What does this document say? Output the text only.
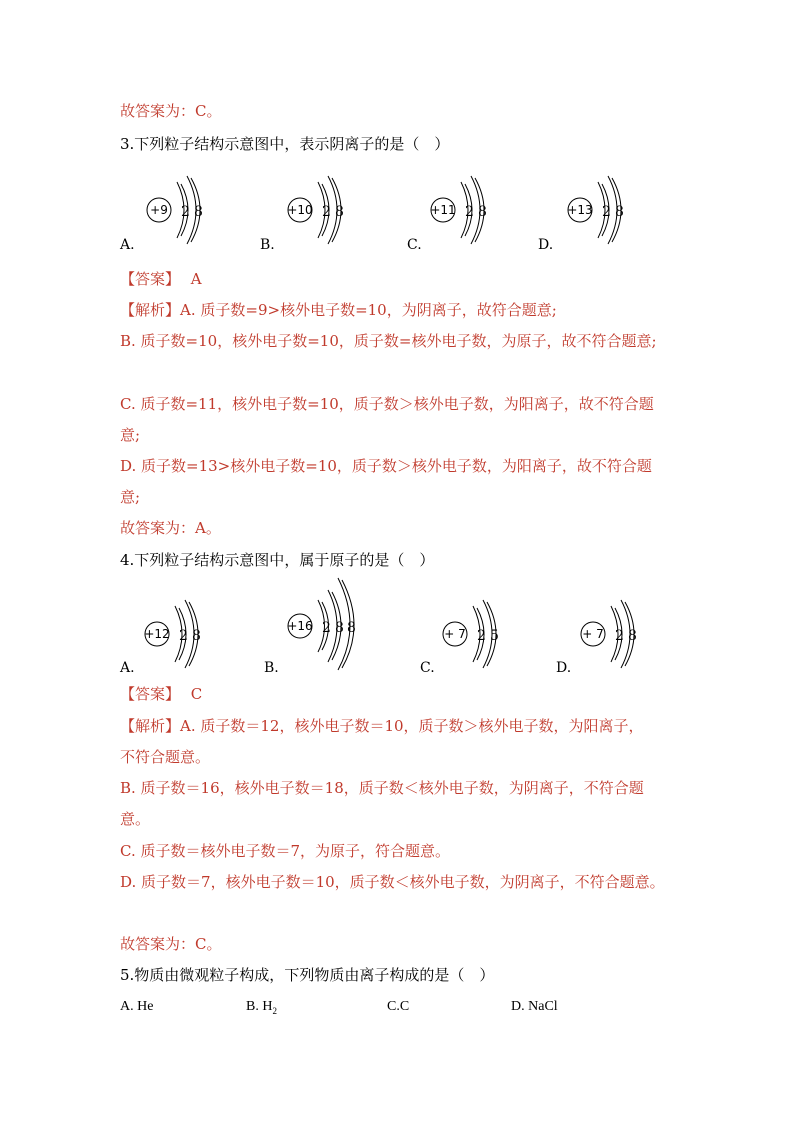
故答案为：C。
3.下列粒子结构示意图中，表示阴离子的是（　）
+9 2 8
A.
+10 2 8
B.
+11 2 8
C.
+13 2 8
D.
【答案】 A
【解析】A. 质子数=9>核外电子数=10，为阴离子，故符合题意;
B. 质子数=10，核外电子数=10，质子数=核外电子数，为原子，故不符合题意;
C. 质子数=11，核外电子数=10，质子数＞核外电子数，为阳离子，故不符合题
意;
D. 质子数=13>核外电子数=10，质子数＞核外电子数，为阳离子，故不符合题
意;
故答案为：A。
4.下列粒子结构示意图中，属于原子的是（　）
+12 2 8
A.
+16 2 8 8
B.
+ 7 2 5
C.
+ 7 2 8
D.
【答案】 C
【解析】A. 质子数＝12，核外电子数＝10，质子数＞核外电子数，为阳离子，
不符合题意。
B. 质子数＝16，核外电子数＝18，质子数＜核外电子数，为阴离子，不符合题
意。
C. 质子数＝核外电子数＝7，为原子，符合题意。
D. 质子数＝7，核外电子数＝10，质子数＜核外电子数，为阴离子，不符合题意。
故答案为：C。
5.物质由微观粒子构成，下列物质由离子构成的是（　）
A. He	B. $H_2$	C.C	D. NaCl
